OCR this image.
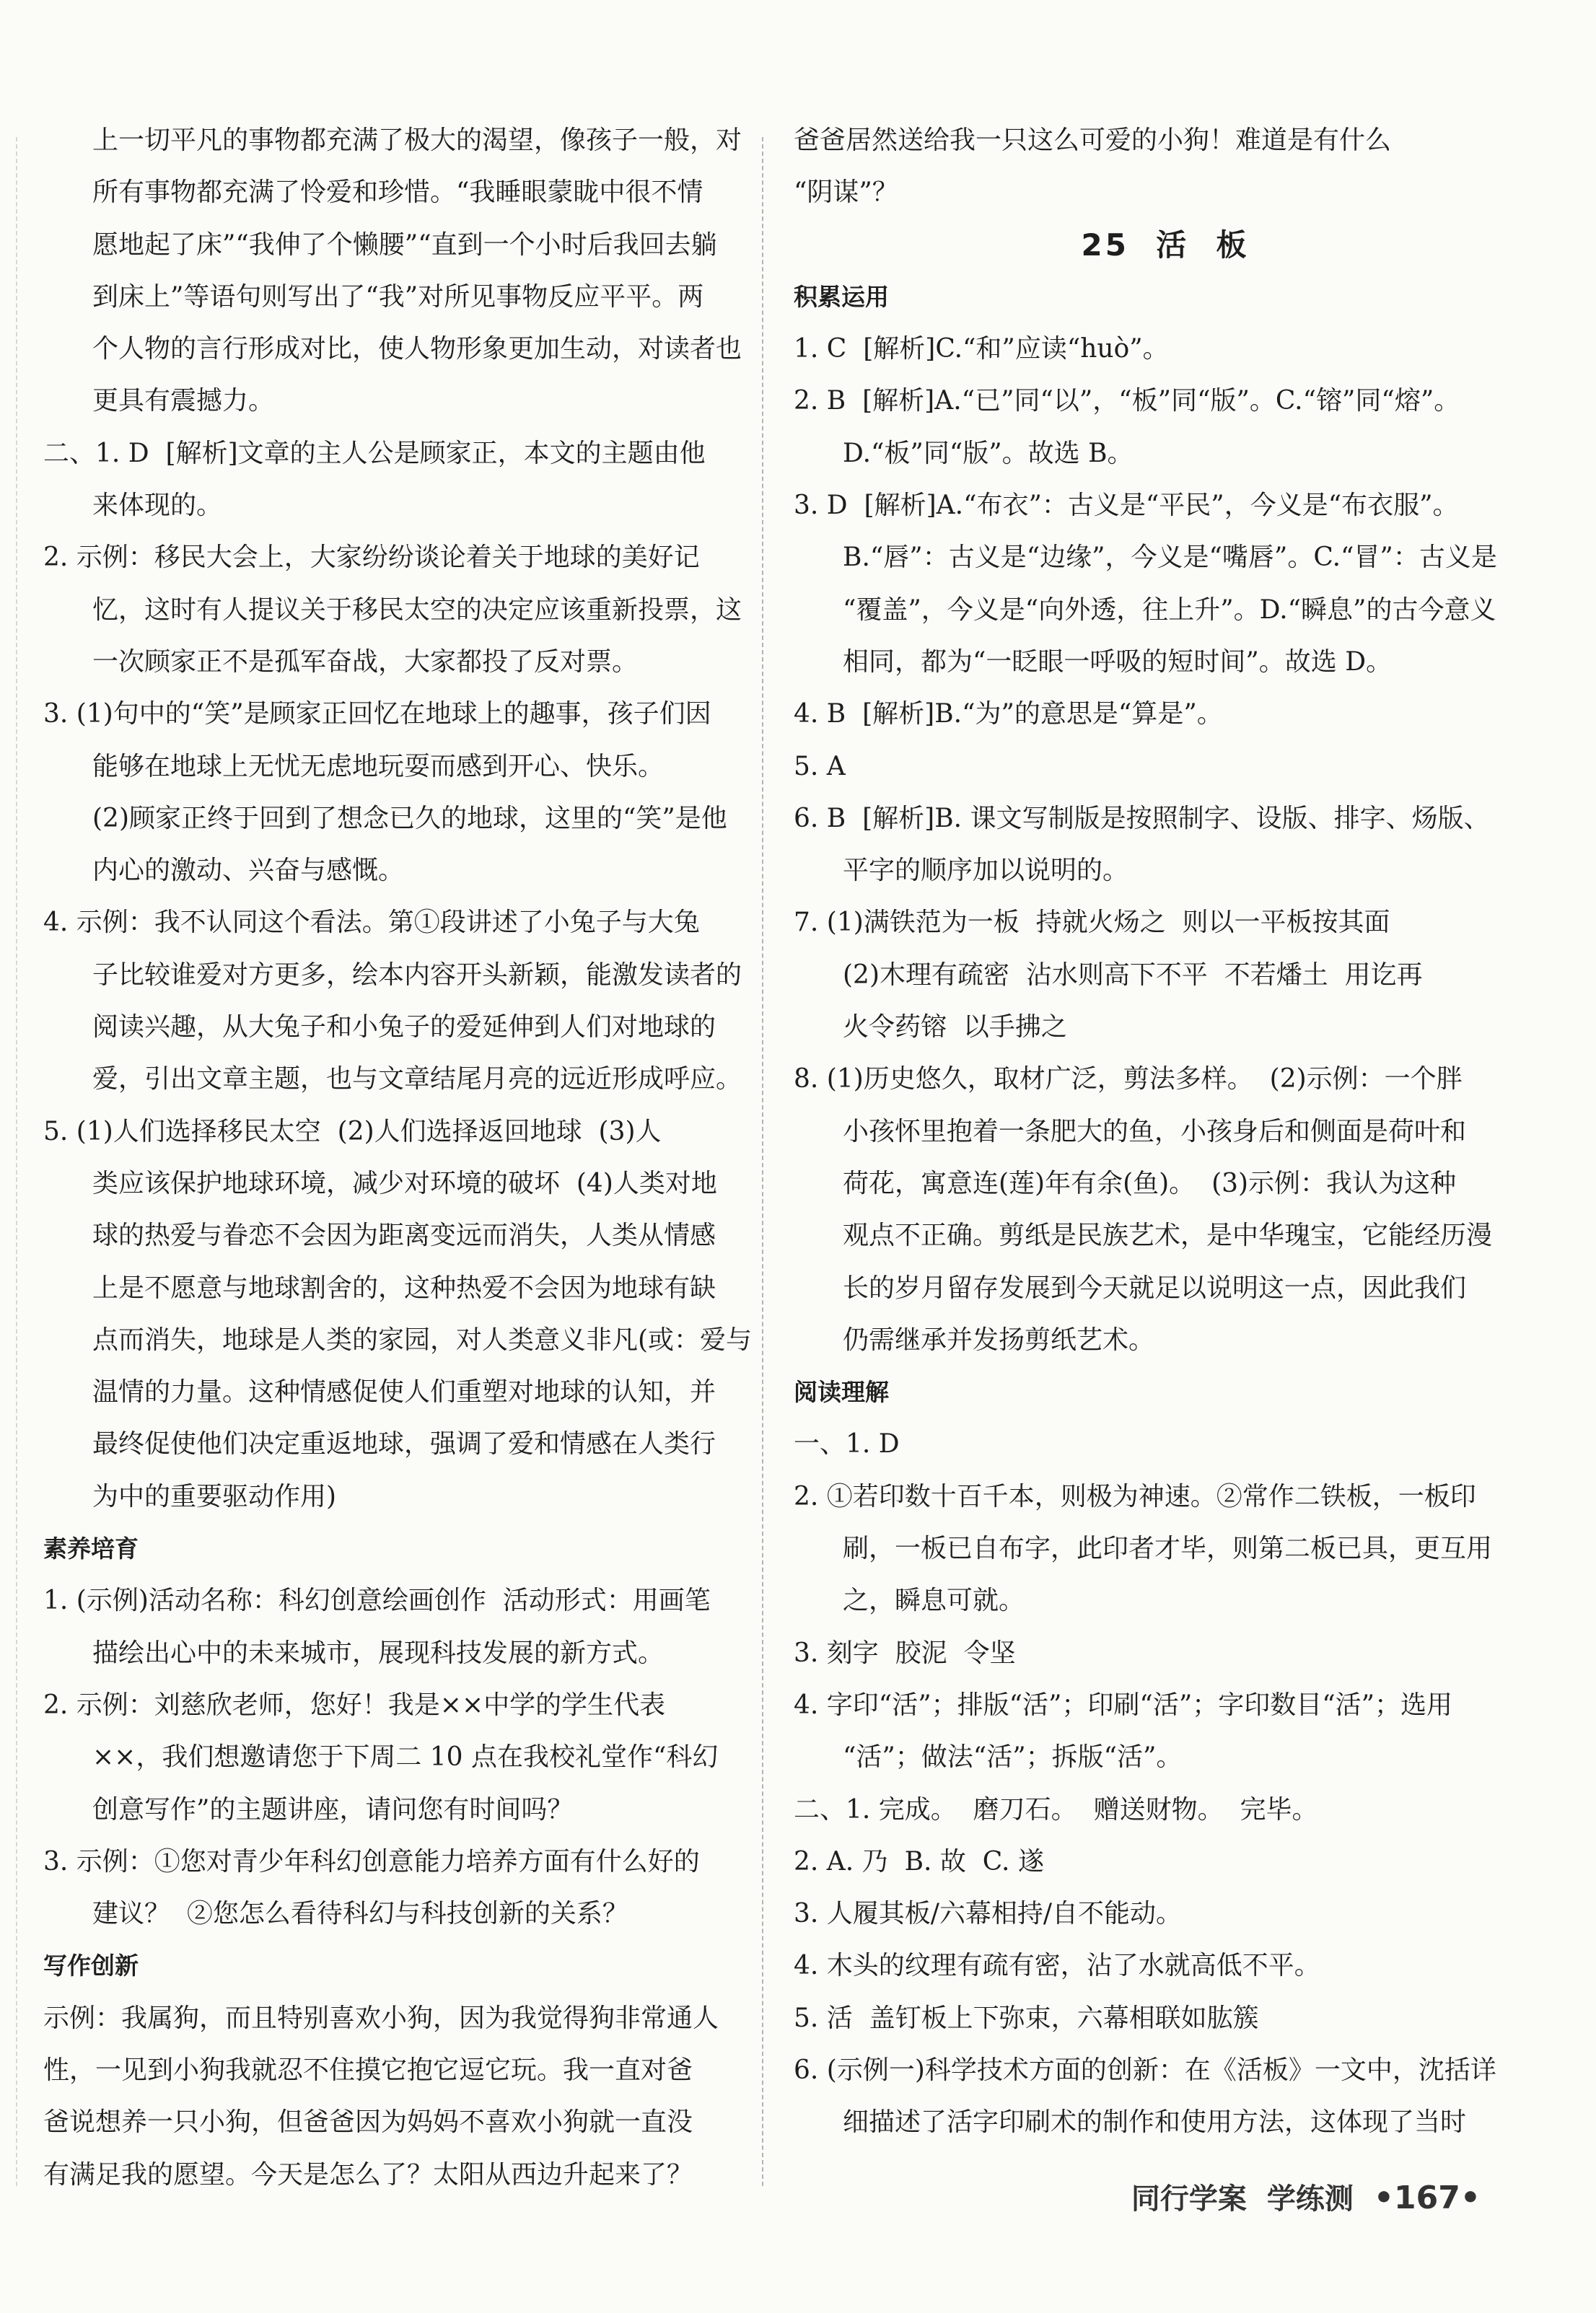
上一切平凡的事物都充满了极大的渴望，像孩子一般，对
所有事物都充满了怜爱和珍惜。“我睡眼蒙眬中很不情
愿地起了床”“我伸了个懒腰”“直到一个小时后我回去躺
到床上”等语句则写出了“我”对所见事物反应平平。两
个人物的言行形成对比，使人物形象更加生动，对读者也
更具有震撼力。
二、1. D  [解析]文章的主人公是顾家正，本文的主题由他
来体现的。
2. 示例：移民大会上，大家纷纷谈论着关于地球的美好记
忆，这时有人提议关于移民太空的决定应该重新投票，这
一次顾家正不是孤军奋战，大家都投了反对票。
3. (1)句中的“笑”是顾家正回忆在地球上的趣事，孩子们因
能够在地球上无忧无虑地玩耍而感到开心、快乐。
(2)顾家正终于回到了想念已久的地球，这里的“笑”是他
内心的激动、兴奋与感慨。
4. 示例：我不认同这个看法。第①段讲述了小兔子与大兔
子比较谁爱对方更多，绘本内容开头新颖，能激发读者的
阅读兴趣，从大兔子和小兔子的爱延伸到人们对地球的
爱，引出文章主题，也与文章结尾月亮的远近形成呼应。
5. (1)人们选择移民太空  (2)人们选择返回地球  (3)人
类应该保护地球环境，减少对环境的破坏  (4)人类对地
球的热爱与眷恋不会因为距离变远而消失，人类从情感
上是不愿意与地球割舍的，这种热爱不会因为地球有缺
点而消失，地球是人类的家园，对人类意义非凡(或：爱与
温情的力量。这种情感促使人们重塑对地球的认知，并
最终促使他们决定重返地球，强调了爱和情感在人类行
为中的重要驱动作用)
素养培育
1. (示例)活动名称：科幻创意绘画创作  活动形式：用画笔
描绘出心中的未来城市，展现科技发展的新方式。
2. 示例：刘慈欣老师，您好！我是××中学的学生代表
××，我们想邀请您于下周二 10 点在我校礼堂作“科幻
创意写作”的主题讲座，请问您有时间吗？
3. 示例：①您对青少年科幻创意能力培养方面有什么好的
建议？  ②您怎么看待科幻与科技创新的关系？
写作创新
示例：我属狗，而且特别喜欢小狗，因为我觉得狗非常通人
性，一见到小狗我就忍不住摸它抱它逗它玩。我一直对爸
爸说想养一只小狗，但爸爸因为妈妈不喜欢小狗就一直没
有满足我的愿望。今天是怎么了？太阳从西边升起来了？
爸爸居然送给我一只这么可爱的小狗！难道是有什么
“阴谋”？
25  活  板
积累运用
1. C  [解析]C.“和”应读“huò”。
2. B  [解析]A.“已”同“以”，“板”同“版”。C.“镕”同“熔”。
D.“板”同“版”。故选 B。
3. D  [解析]A.“布衣”：古义是“平民”，今义是“布衣服”。
B.“唇”：古义是“边缘”，今义是“嘴唇”。C.“冒”：古义是
“覆盖”，今义是“向外透，往上升”。D.“瞬息”的古今意义
相同，都为“一眨眼一呼吸的短时间”。故选 D。
4. B  [解析]B.“为”的意思是“算是”。
5. A
6. B  [解析]B. 课文写制版是按照制字、设版、排字、炀版、
平字的顺序加以说明的。
7. (1)满铁范为一板  持就火炀之  则以一平板按其面
(2)木理有疏密  沾水则高下不平  不若燔土  用讫再
火令药镕  以手拂之
8. (1)历史悠久，取材广泛，剪法多样。  (2)示例：一个胖
小孩怀里抱着一条肥大的鱼，小孩身后和侧面是荷叶和
荷花，寓意连(莲)年有余(鱼)。  (3)示例：我认为这种
观点不正确。剪纸是民族艺术，是中华瑰宝，它能经历漫
长的岁月留存发展到今天就足以说明这一点，因此我们
仍需继承并发扬剪纸艺术。
阅读理解
一、1. D
2. ①若印数十百千本，则极为神速。②常作二铁板，一板印
刷，一板已自布字，此印者才毕，则第二板已具，更互用
之，瞬息可就。
3. 刻字  胶泥  令坚
4. 字印“活”；排版“活”；印刷“活”；字印数目“活”；选用
“活”；做法“活”；拆版“活”。
二、1. 完成。  磨刀石。  赠送财物。  完毕。
2. A. 乃  B. 故  C. 遂
3. 人履其板/六幕相持/自不能动。
4. 木头的纹理有疏有密，沾了水就高低不平。
5. 活  盖钉板上下弥束，六幕相联如肱簇
6. (示例一)科学技术方面的创新：在《活板》一文中，沈括详
细描述了活字印刷术的制作和使用方法，这体现了当时
同行学案 学练测 •167•
